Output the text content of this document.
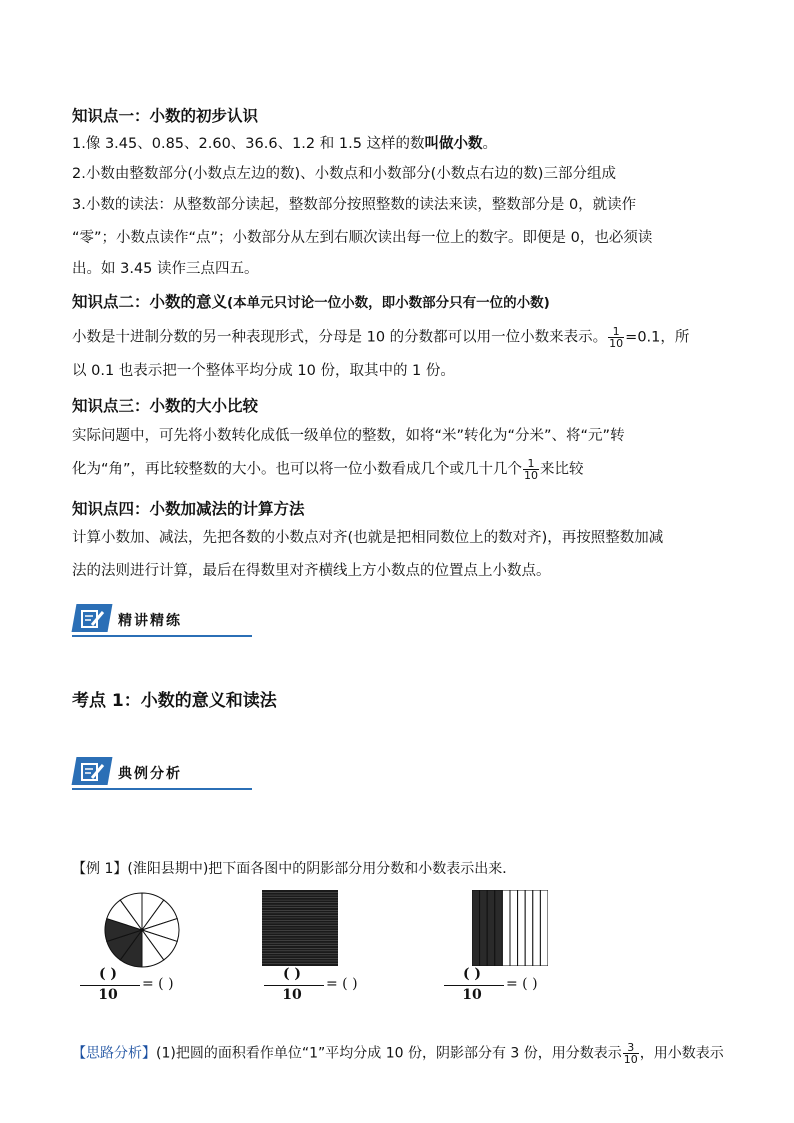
知识点一：小数的初步认识
1.像 3.45、0.85、2.60、36.6、1.2 和 1.5 这样的数叫做小数。
2.小数由整数部分(小数点左边的数)、小数点和小数部分(小数点右边的数)三部分组成
3.小数的读法：从整数部分读起，整数部分按照整数的读法来读，整数部分是 0，就读作
“零”；小数点读作“点”；小数部分从左到右顺次读出每一位上的数字。即便是 0，也必须读
出。如 3.45 读作三点四五。
知识点二：小数的意义(本单元只讨论一位小数，即小数部分只有一位的小数)
小数是十进制分数的另一种表现形式，分母是 10 的分数都可以用一位小数来表示。 $\frac{1}{10} =0.1$，所
以 0.1 也表示把一个整体平均分成 10 份，取其中的 1 份。
知识点三：小数的大小比较
实际问题中，可先将小数转化成低一级单位的整数，如将“米”转化为“分米”、将“元”转
化为“角”，再比较整数的大小。也可以将一位小数看成几个或几十几个 $\frac{1}{10}$ 来比较
知识点四：小数加减法的计算方法
计算小数加、减法，先把各数的小数点对齐(也就是把相同数位上的数对齐)，再按照整数加减
法的法则进行计算，最后在得数里对齐横线上方小数点的位置点上小数点。
精讲精练
考点 1：小数的意义和读法
典例分析
【例 1】(淮阳县期中)把下面各图中的阴影部分用分数和小数表示出来．
( )
10
= ( )
( )
10
= ( )
( )
10
= ( )
【思路分析】(1)把圆的面积看作单位“1”平均分成 10 份，阴影部分有 3 份，用分数表示 $\frac{3}{10}$ ，用小数表示
